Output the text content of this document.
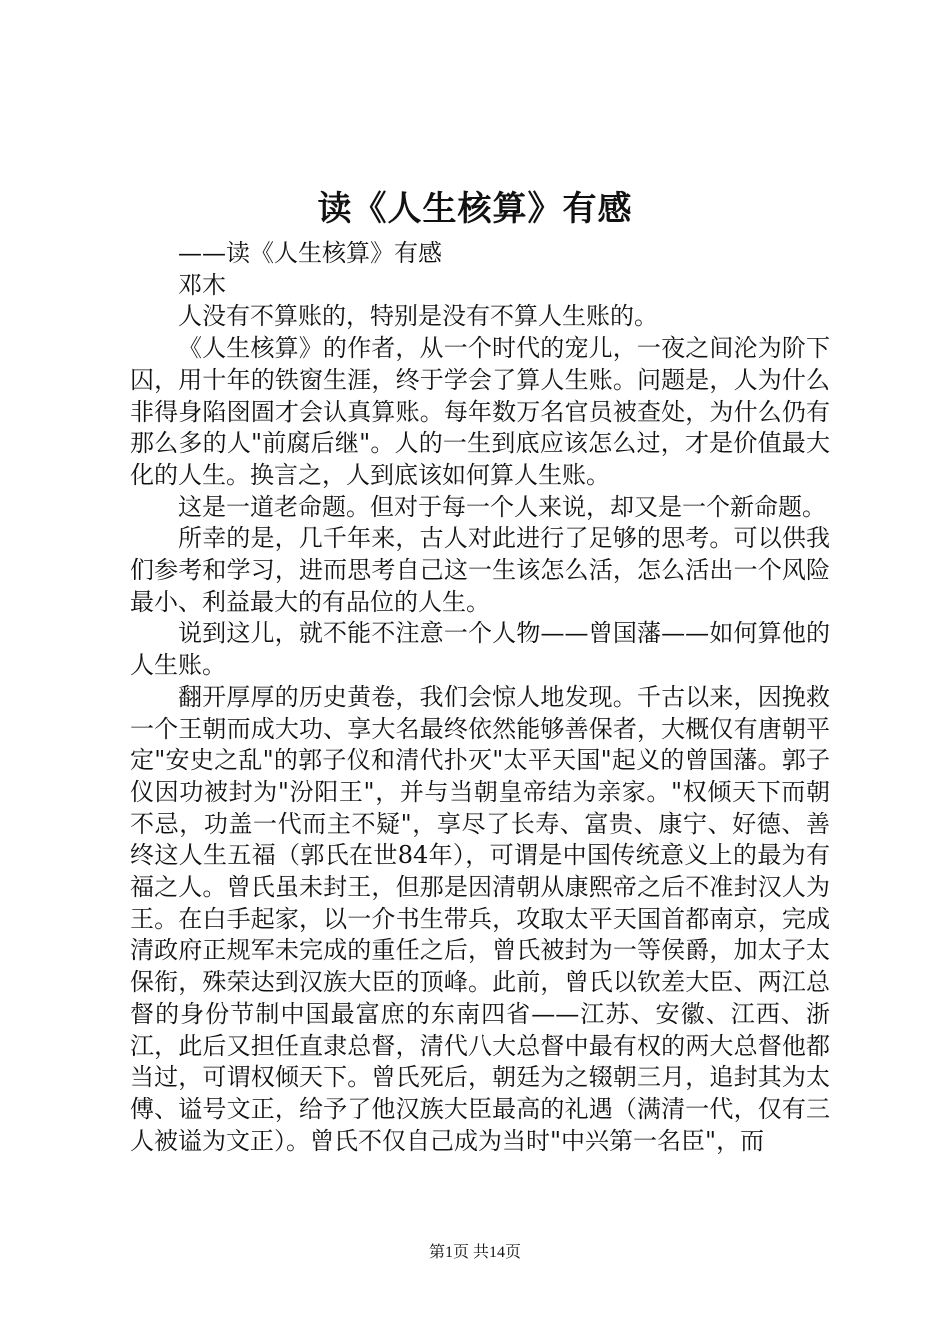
读《人生核算》有感

——读《人生核算》有感

邓木

人没有不算账的，特别是没有不算人生账的。

《人生核算》的作者，从一个时代的宠儿，一夜之间沦为阶下囚，用十年的铁窗生涯，终于学会了算人生账。问题是，人为什么非得身陷囹圄才会认真算账。每年数万名官员被查处，为什么仍有那么多的人"前腐后继"。人的一生到底应该怎么过，才是价值最大化的人生。换言之，人到底该如何算人生账。

这是一道老命题。但对于每一个人来说，却又是一个新命题。

所幸的是，几千年来，古人对此进行了足够的思考。可以供我们参考和学习，进而思考自己这一生该怎么活，怎么活出一个风险最小、利益最大的有品位的人生。

说到这儿，就不能不注意一个人物——曾国藩——如何算他的人生账。

翻开厚厚的历史黄卷，我们会惊人地发现。千古以来，因挽救一个王朝而成大功、享大名最终依然能够善保者，大概仅有唐朝平定"安史之乱"的郭子仪和清代扑灭"太平天国"起义的曾国藩。郭子仪因功被封为"汾阳王"，并与当朝皇帝结为亲家。"权倾天下而朝不忌，功盖一代而主不疑"，享尽了长寿、富贵、康宁、好德、善终这人生五福（郭氏在世84年），可谓是中国传统意义上的最为有福之人。曾氏虽未封王，但那是因清朝从康熙帝之后不准封汉人为王。在白手起家，以一介书生带兵，攻取太平天国首都南京，完成清政府正规军未完成的重任之后，曾氏被封为一等侯爵，加太子太保衔，殊荣达到汉族大臣的顶峰。此前，曾氏以钦差大臣、两江总督的身份节制中国最富庶的东南四省——江苏、安徽、江西、浙江，此后又担任直隶总督，清代八大总督中最有权的两大总督他都当过，可谓权倾天下。曾氏死后，朝廷为之辍朝三月，追封其为太傅、谥号文正，给予了他汉族大臣最高的礼遇（满清一代，仅有三人被谥为文正）。曾氏不仅自己成为当时"中兴第一名臣"，而

第1页 共14页
